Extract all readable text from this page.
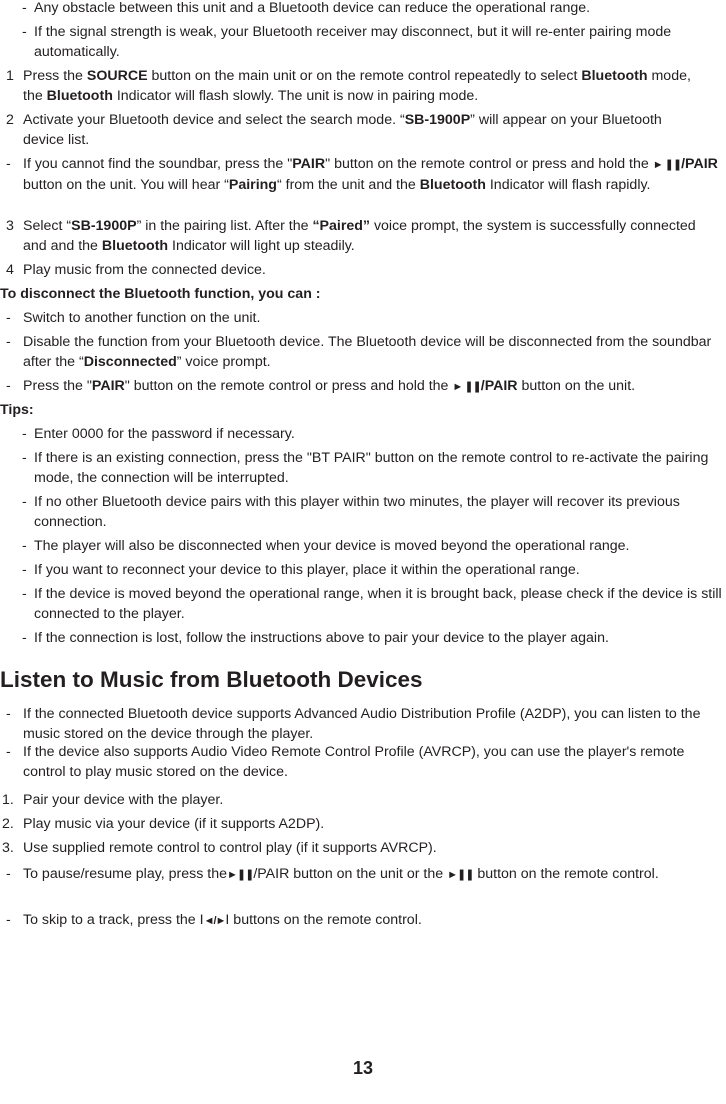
- Any obstacle between this unit and a Bluetooth device can reduce the operational range.
- If the signal strength is weak, your Bluetooth receiver may disconnect, but it will re-enter pairing mode automatically.
1 Press the SOURCE button on the main unit or on the remote control repeatedly to select Bluetooth mode, the Bluetooth Indicator will flash slowly. The unit is now in pairing mode.
2 Activate your Bluetooth device and select the search mode. “SB-1900P” will appear on your Bluetooth device list.
- If you cannot find the soundbar, press the "PAIR" button on the remote control or press and hold the ► ❚❚/PAIR button on the unit. You will hear “Pairing“ from the unit and the Bluetooth Indicator will flash rapidly.
3 Select “SB-1900P” in the pairing list. After the “Paired” voice prompt, the system is successfully connected and and the Bluetooth Indicator will light up steadily.
4 Play music from the connected device.
To disconnect the Bluetooth function, you can :
- Switch to another function on the unit.
- Disable the function from your Bluetooth device. The Bluetooth device will be disconnected from the soundbar after the “Disconnected” voice prompt.
- Press the "PAIR" button on the remote control or press and hold the ► ❚❚/PAIR button on the unit.
Tips:
- Enter 0000 for the password if necessary.
- If there is an existing connection, press the "BT PAIR" button on the remote control to re-activate the pairing mode, the connection will be interrupted.
- If no other Bluetooth device pairs with this player within two minutes, the player will recover its previous connection.
- The player will also be disconnected when your device is moved beyond the operational range.
- If you want to reconnect your device to this player, place it within the operational range.
- If the device is moved beyond the operational range, when it is brought back, please check if the device is still connected to the player.
- If the connection is lost, follow the instructions above to pair your device to the player again.
Listen to Music from Bluetooth Devices
- If the connected Bluetooth device supports Advanced Audio Distribution Profile (A2DP), you can listen to the music stored on the device through the player.
- If the device also supports Audio Video Remote Control Profile (AVRCP), you can use the player's remote control to play music stored on the device.
1. Pair your device with the player.
2. Play music via your device (if it supports A2DP).
3. Use supplied remote control to control play (if it supports AVRCP).
- To pause/resume play, press the►❚❚/PAIR button on the unit or the ►❚❚ button on the remote control.
- To skip to a track, press the I◄/►I buttons on the remote control.
13
